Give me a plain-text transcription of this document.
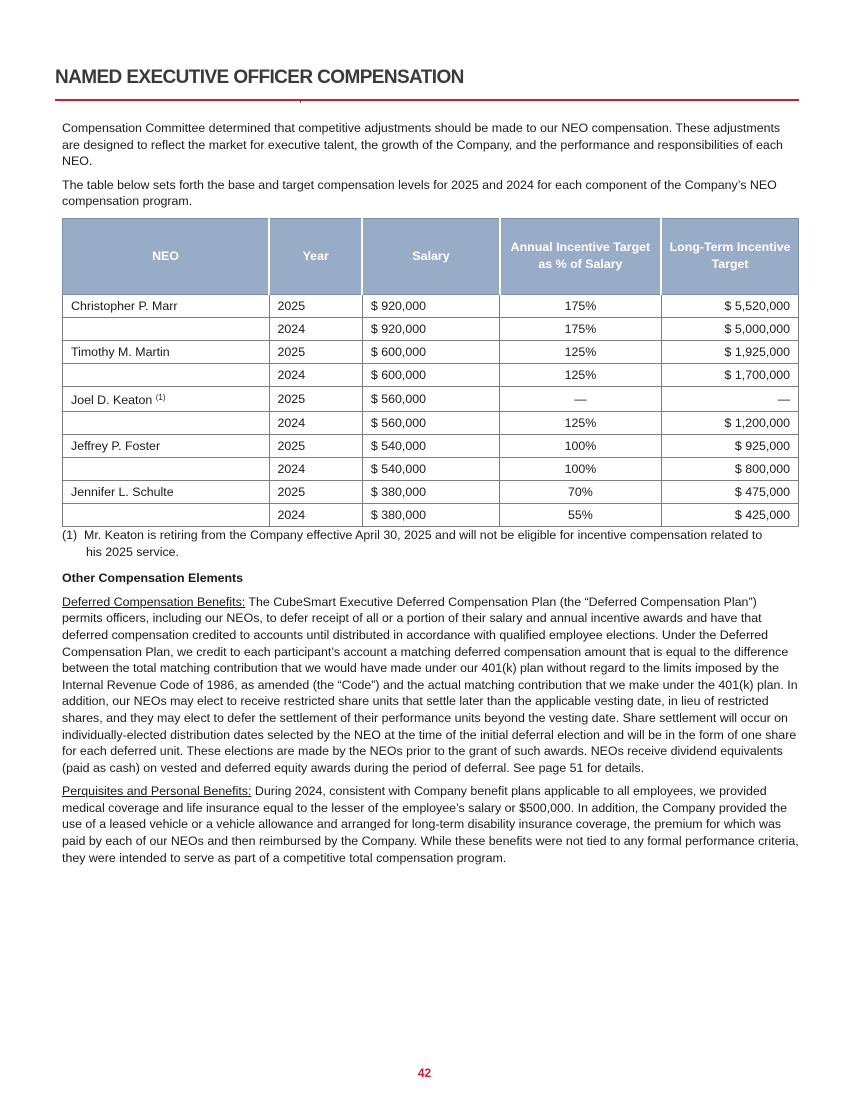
NAMED EXECUTIVE OFFICER COMPENSATION

Compensation Committee determined that competitive adjustments should be made to our NEO compensation. These adjustments are designed to reflect the market for executive talent, the growth of the Company, and the performance and responsibilities of each NEO.

The table below sets forth the base and target compensation levels for 2025 and 2024 for each component of the Company’s NEO compensation program.

NEO	Year	Salary	Annual Incentive Target as % of Salary	Long-Term Incentive Target
Christopher P. Marr	2025	$ 920,000	175%	$ 5,520,000
	2024	$ 920,000	175%	$ 5,000,000
Timothy M. Martin	2025	$ 600,000	125%	$ 1,925,000
	2024	$ 600,000	125%	$ 1,700,000
Joel D. Keaton $^{(1)}$	2025	$ 560,000	—	—
	2024	$ 560,000	125%	$ 1,200,000
Jeffrey P. Foster	2025	$ 540,000	100%	$ 925,000
	2024	$ 540,000	100%	$ 800,000
Jennifer L. Schulte	2025	$ 380,000	70%	$ 475,000
	2024	$ 380,000	55%	$ 425,000

(1)  Mr. Keaton is retiring from the Company effective April 30, 2025 and will not be eligible for incentive compensation related to his 2025 service.

Other Compensation Elements

Deferred Compensation Benefits: The CubeSmart Executive Deferred Compensation Plan (the “Deferred Compensation Plan”) permits officers, including our NEOs, to defer receipt of all or a portion of their salary and annual incentive awards and have that deferred compensation credited to accounts until distributed in accordance with qualified employee elections. Under the Deferred Compensation Plan, we credit to each participant’s account a matching deferred compensation amount that is equal to the difference between the total matching contribution that we would have made under our 401(k) plan without regard to the limits imposed by the Internal Revenue Code of 1986, as amended (the “Code”) and the actual matching contribution that we make under the 401(k) plan. In addition, our NEOs may elect to receive restricted share units that settle later than the applicable vesting date, in lieu of restricted shares, and they may elect to defer the settlement of their performance units beyond the vesting date. Share settlement will occur on individually-elected distribution dates selected by the NEO at the time of the initial deferral election and will be in the form of one share for each deferred unit. These elections are made by the NEOs prior to the grant of such awards. NEOs receive dividend equivalents (paid as cash) on vested and deferred equity awards during the period of deferral. See page 51 for details.

Perquisites and Personal Benefits: During 2024, consistent with Company benefit plans applicable to all employees, we provided medical coverage and life insurance equal to the lesser of the employee’s salary or $500,000. In addition, the Company provided the use of a leased vehicle or a vehicle allowance and arranged for long-term disability insurance coverage, the premium for which was paid by each of our NEOs and then reimbursed by the Company. While these benefits were not tied to any formal performance criteria, they were intended to serve as part of a competitive total compensation program.

42
